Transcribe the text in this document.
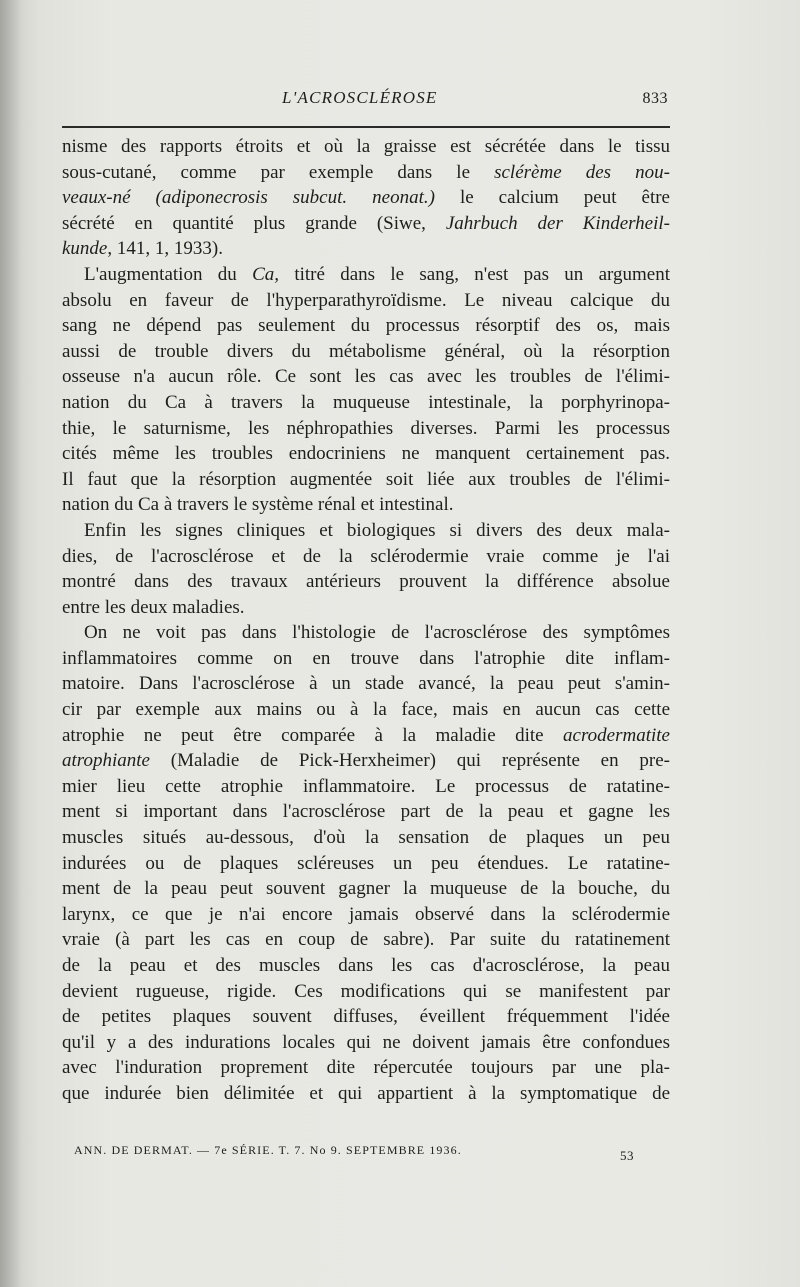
L'ACROSCLÉROSE	833
nisme des rapports étroits et où la graisse est sécrétée dans le tissu
sous-cutané, comme par exemple dans le sclérème des nou-
veaux-né (adiponecrosis subcut. neonat.) le calcium peut être
sécrété en quantité plus grande (Siwe, Jahrbuch der Kinderheil-
kunde, 141, 1, 1933).
L'augmentation du Ca, titré dans le sang, n'est pas un argument
absolu en faveur de l'hyperparathyroïdisme. Le niveau calcique du
sang ne dépend pas seulement du processus résorptif des os, mais
aussi de trouble divers du métabolisme général, où la résorption
osseuse n'a aucun rôle. Ce sont les cas avec les troubles de l'élimi-
nation du Ca à travers la muqueuse intestinale, la porphyrinopa-
thie, le saturnisme, les néphropathies diverses. Parmi les processus
cités même les troubles endocriniens ne manquent certainement pas.
Il faut que la résorption augmentée soit liée aux troubles de l'élimi-
nation du Ca à travers le système rénal et intestinal.
Enfin les signes cliniques et biologiques si divers des deux mala-
dies, de l'acrosclérose et de la sclérodermie vraie comme je l'ai
montré dans des travaux antérieurs prouvent la différence absolue
entre les deux maladies.
On ne voit pas dans l'histologie de l'acrosclérose des symptômes
inflammatoires comme on en trouve dans l'atrophie dite inflam-
matoire. Dans l'acrosclérose à un stade avancé, la peau peut s'amin-
cir par exemple aux mains ou à la face, mais en aucun cas cette
atrophie ne peut être comparée à la maladie dite acrodermatite
atrophiante (Maladie de Pick-Herxheimer) qui représente en pre-
mier lieu cette atrophie inflammatoire. Le processus de ratatine-
ment si important dans l'acrosclérose part de la peau et gagne les
muscles situés au-dessous, d'où la sensation de plaques un peu
indurées ou de plaques scléreuses un peu étendues. Le ratatine-
ment de la peau peut souvent gagner la muqueuse de la bouche, du
larynx, ce que je n'ai encore jamais observé dans la sclérodermie
vraie (à part les cas en coup de sabre). Par suite du ratatinement
de la peau et des muscles dans les cas d'acrosclérose, la peau
devient rugueuse, rigide. Ces modifications qui se manifestent par
de petites plaques souvent diffuses, éveillent fréquemment l'idée
qu'il y a des indurations locales qui ne doivent jamais être confondues
avec l'induration proprement dite répercutée toujours par une pla-
que indurée bien délimitée et qui appartient à la symptomatique de
ANN. DE DERMAT. — 7e SÉRIE. T. 7. No 9. SEPTEMBRE 1936.	53
